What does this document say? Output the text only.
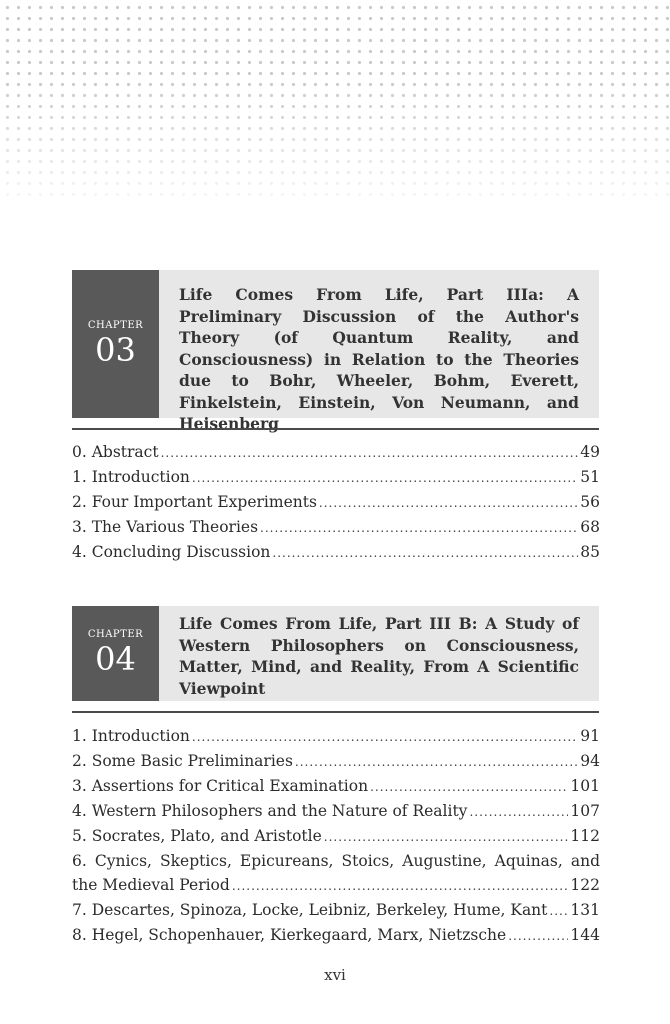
CHAPTER
03
Life Comes From Life, Part IIIa: A Preliminary Discussion of the Author's Theory (of Quantum Reality, and Consciousness) in Relation to the Theories due to Bohr, Wheeler, Bohm, Everett, Finkelstein, Einstein, Von Neumann, and Heisenberg
0. Abstract .....	49
1. Introduction .....	51
2. Four Important Experiments .....	56
3. The Various Theories .....	68
4. Concluding Discussion .....	85
CHAPTER
04
Life Comes From Life, Part III B: A Study of Western Philosophers on Consciousness, Matter, Mind, and Reality, From A Scientific Viewpoint
1. Introduction .....	91
2. Some Basic Preliminaries .....	94
3. Assertions for Critical Examination .....	101
4. Western Philosophers and the Nature of Reality .....	107
5. Socrates, Plato, and Aristotle .....	112
6. Cynics, Skeptics, Epicureans, Stoics, Augustine, Aquinas, and
the Medieval Period .....	122
7. Descartes, Spinoza, Locke, Leibniz, Berkeley, Hume, Kant ..... 131
8. Hegel, Schopenhauer, Kierkegaard, Marx, Nietzsche .....	144
xvi
